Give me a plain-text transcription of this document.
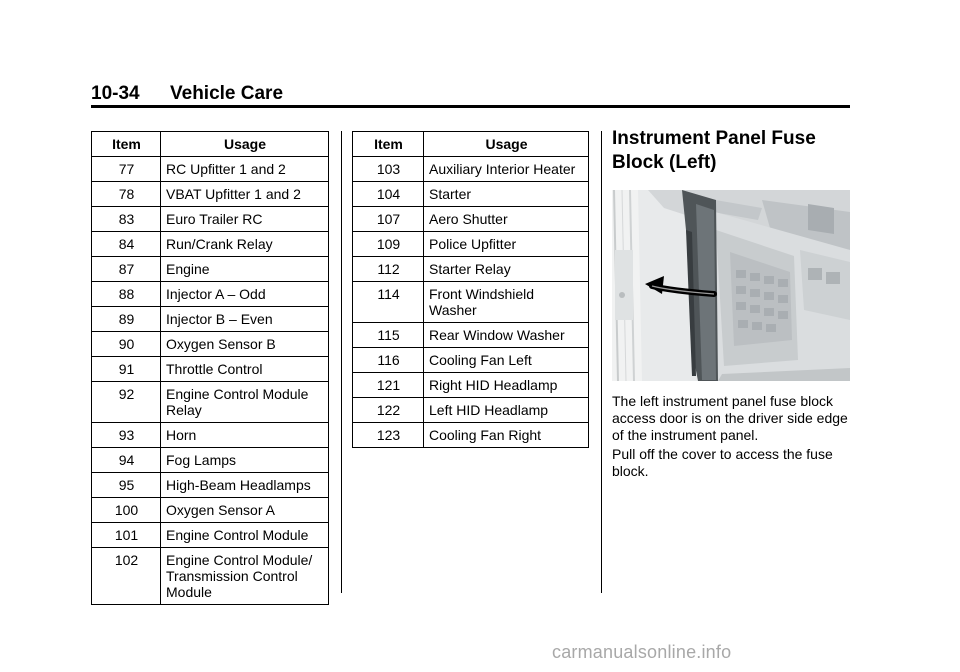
10-34 Vehicle Care
Item	Usage
77	RC Upfitter 1 and 2
78	VBAT Upfitter 1 and 2
83	Euro Trailer RC
84	Run/Crank Relay
87	Engine
88	Injector A – Odd
89	Injector B – Even
90	Oxygen Sensor B
91	Throttle Control
92	Engine Control Module Relay
93	Horn
94	Fog Lamps
95	High-Beam Headlamps
100	Oxygen Sensor A
101	Engine Control Module
102	Engine Control Module/ Transmission Control Module
Item	Usage
103	Auxiliary Interior Heater
104	Starter
107	Aero Shutter
109	Police Upfitter
112	Starter Relay
114	Front Windshield Washer
115	Rear Window Washer
116	Cooling Fan Left
121	Right HID Headlamp
122	Left HID Headlamp
123	Cooling Fan Right
Instrument Panel Fuse Block (Left)

The left instrument panel fuse block access door is on the driver side edge of the instrument panel.

Pull off the cover to access the fuse block.

carmanualsonline.info
